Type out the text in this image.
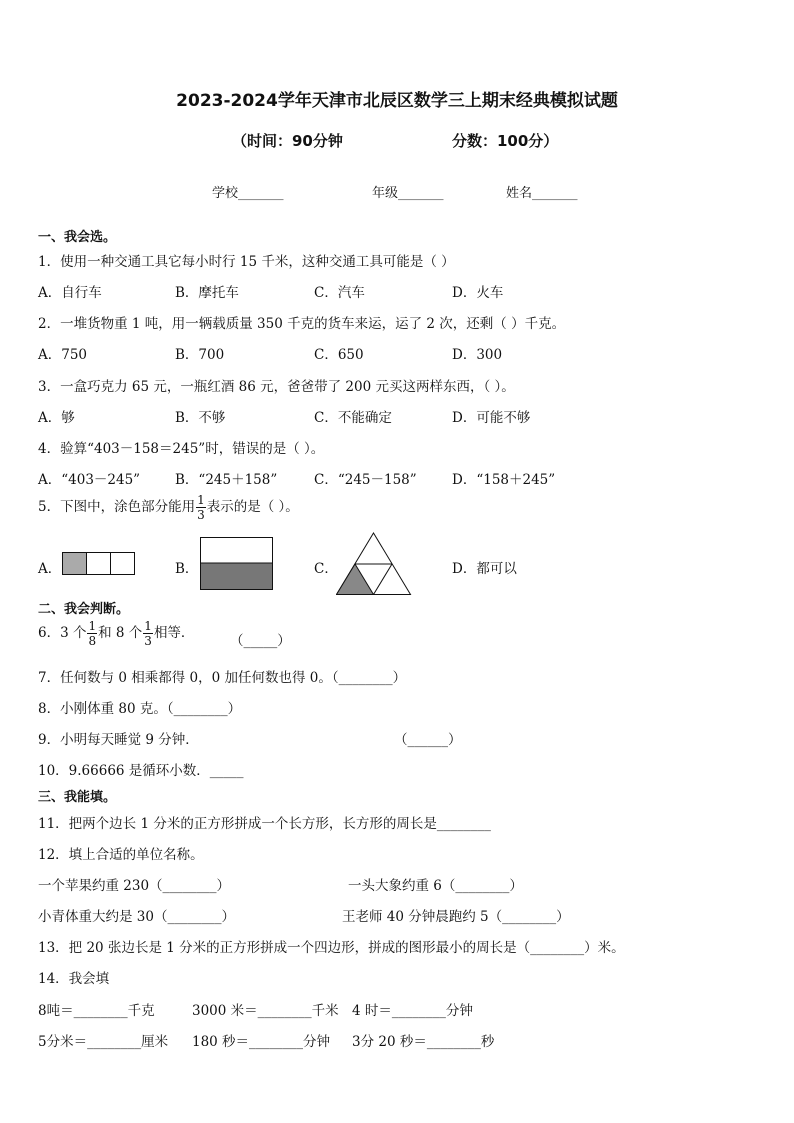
2023-2024学年天津市北辰区数学三上期末经典模拟试题
（时间：90分钟	分数：100分）
学校_______	年级_______	姓名_______
一、我会选。
1．使用一种交通工具它每小时行 15 千米，这种交通工具可能是（ ）
A．自行车	B．摩托车	C．汽车	D．火车
2．一堆货物重 1 吨，用一辆载质量 350 千克的货车来运，运了 2 次，还剩（ ）千克。
A．750	B．700	C．650	D．300
3．一盒巧克力 65 元，一瓶红酒 86 元，爸爸带了 200 元买这两样东西，（ ）。
A．够	B．不够	C．不能确定	D．可能不够
4．验算“403－158＝245”时，错误的是（ ）。
A．“403－245”	B．“245＋158”	C．“245－158”	D．“158＋245”
5．下图中，涂色部分能用 $\frac{1}{3}$ 表示的是（ ）。
A．	B．	C．	D．都可以
二、我会判断。
6．3 个 $\frac{1}{8}$ 和 8 个 $\frac{1}{3}$ 相等．	（_____）
7．任何数与 0 相乘都得 0，0 加任何数也得 0。（________）
8．小刚体重 80 克。（________）
9．小明每天睡觉 9 分钟．	（______）
10．9.66666 是循环小数．_____
三、我能填。
11．把两个边长 1 分米的正方形拼成一个长方形，长方形的周长是________
12．填上合适的单位名称。
一个苹果约重 230（________）	一头大象约重 6（________）
小青体重大约是 30（________）	王老师 40 分钟晨跑约 5（________）
13．把 20 张边长是 1 分米的正方形拼成一个四边形，拼成的图形最小的周长是（________）米。
14．我会填
8吨＝________千克	3000 米＝________千米 4 时＝________分钟
5分米＝________厘米 180 秒＝________分钟 3分 20 秒＝________秒
